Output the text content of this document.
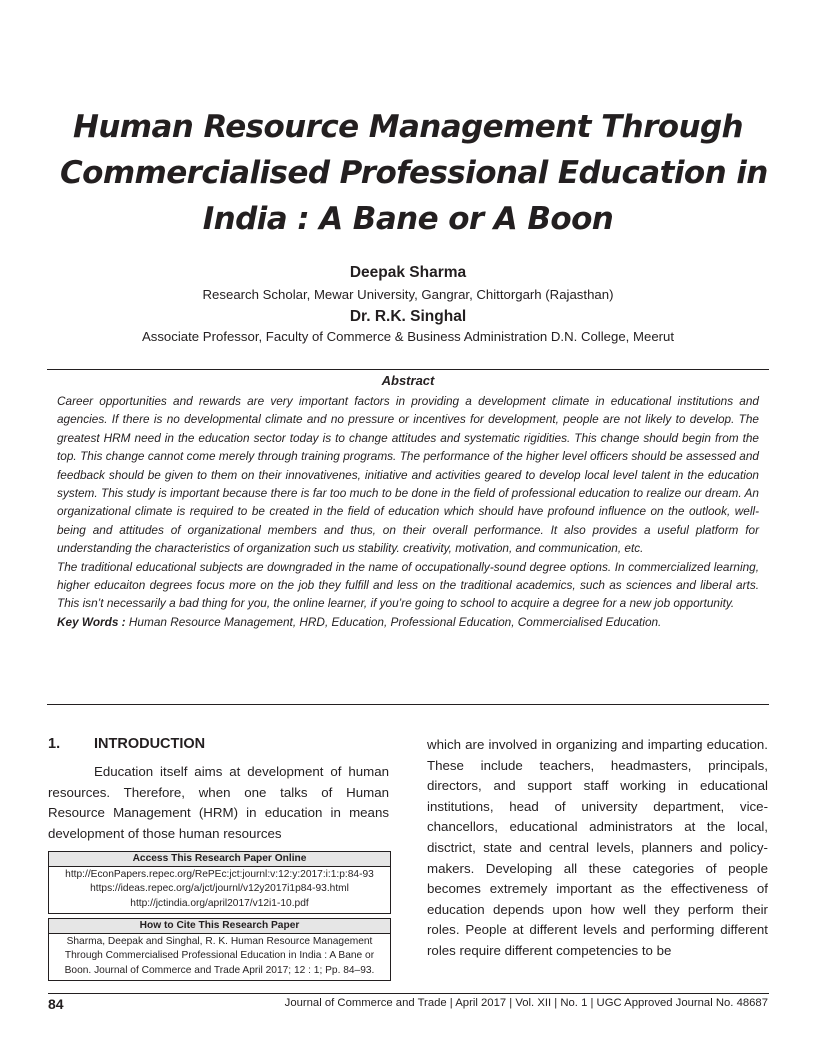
Human Resource Management Through
Commercialised Professional Education in
India : A Bane or A Boon
Deepak Sharma
Research Scholar, Mewar University, Gangrar, Chittorgarh (Rajasthan)
Dr. R.K. Singhal
Associate Professor, Faculty of Commerce & Business Administration D.N. College, Meerut
Abstract

Career opportunities and rewards are very important factors in providing a development climate in educational institutions and agencies. If there is no developmental climate and no pressure or incentives for development, people are not likely to develop. The greatest HRM need in the education sector today is to change attitudes and systematic rigidities. This change should begin from the top. This change cannot come merely through training programs. The performance of the higher level officers should be assessed and feedback should be given to them on their innovativenes, initiative and activities geared to develop local level talent in the education system. This study is important because there is far too much to be done in the field of professional education to realize our dream. An organizational climate is required to be created in the field of education which should have profound influence on the outlook, well-being and attitudes of organizational members and thus, on their overall performance. It also provides a useful platform for understanding the characteristics of organization such us stability. creativity, motivation, and communication, etc.

The traditional educational subjects are downgraded in the name of occupationally-sound degree options. In commercialized learning, higher educaiton degrees focus more on the job they fulfill and less on the traditional academics, such as sciences and liberal arts. This isn’t necessarily a bad thing for you, the online learner, if you’re going to school to acquire a degree for a new job opportunity.

Key Words : Human Resource Management, HRD, Education, Professional Education, Commercialised Education.

1. INTRODUCTION

Education itself aims at development of human resources. Therefore, when one talks of Human Resource Management (HRM) in education in means development of those human resources

Access This Research Paper Online
http://EconPapers.repec.org/RePEc:jct:journl:v:12:y:2017:i:1:p:84-93
https://ideas.repec.org/a/jct/journl/v12y2017i1p84-93.html
http://jctindia.org/april2017/v12i1-10.pdf
How to Cite This Research Paper
Sharma, Deepak and Singhal, R. K. Human Resource Management Through Commercialised Professional Education in India : A Bane or Boon. Journal of Commerce and Trade April 2017; 12 : 1; Pp. 84–93.

which are involved in organizing and imparting education. These include teachers, headmasters, principals, directors, and support staff working in educational institutions, head of university department, vice-chancellors, educational administrators at the local, disctrict, state and central levels, planners and policy-makers. Developing all these categories of people becomes extremely important as the effectiveness of education depends upon how well they perform their roles. People at different levels and performing different roles require different competencies to be

84	Journal of Commerce and Trade | April 2017 | Vol. XII | No. 1 | UGC Approved Journal No. 48687
